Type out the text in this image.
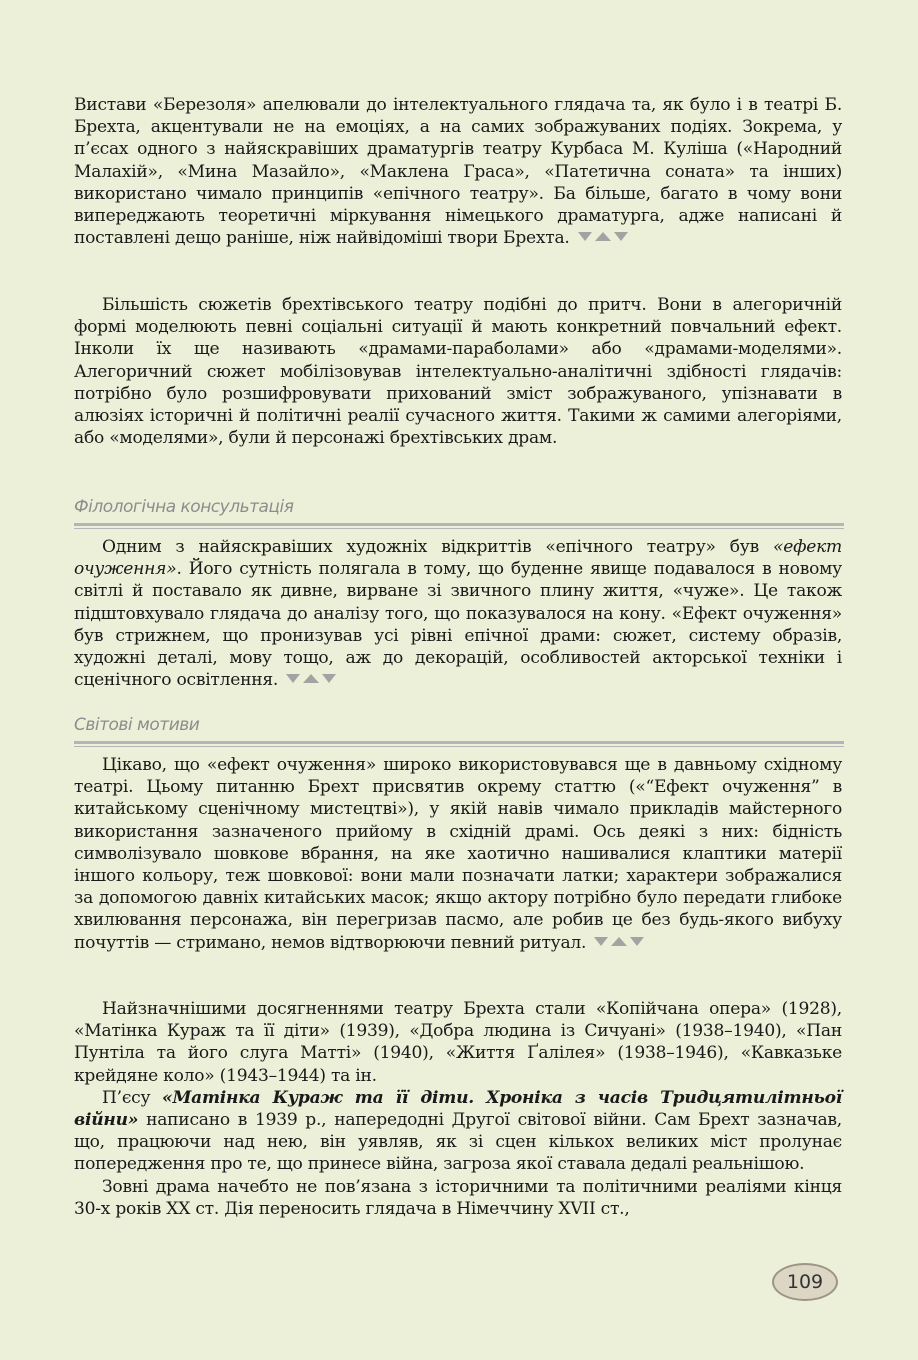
Вистави «Березоля» апелювали до інтелектуального глядача та, як було і в театрі Б. Брехта, акцентували не на емоціях, а на самих зображуваних подіях. Зокрема, у п’єсах одного з найяскравіших драматургів театру Курбаса М. Куліша («Народний Малахій», «Мина Мазайло», «Маклена Граса», «Патетична соната» та інших) використано чимало принципів «епічного театру». Ба більше, багато в чому вони випереджають теоретичні міркування німецького драматурга, адже написані й поставлені дещо раніше, ніж найвідоміші твори Брехта.

Більшість сюжетів брехтівського театру подібні до притч. Вони в алегоричній формі моделюють певні соціальні ситуації й мають конкретний повчальний ефект. Інколи їх ще називають «драмами-параболами» або «драмами-моделями». Алегоричний сюжет мобілізовував інтелектуально-аналітичні здібності глядачів: потрібно було розшифровувати прихований зміст зображуваного, упізнавати в алюзіях історичні й політичні реалії сучасного життя. Такими ж самими алегоріями, або «моделями», були й персонажі брехтівських драм.

Філологічна консультація

Одним з найяскравіших художніх відкриттів «епічного театру» був «ефект очуження». Його сутність полягала в тому, що буденне явище подавалося в новому світлі й поставало як дивне, вирване зі звичного плину життя, «чуже». Це також підштовхувало глядача до аналізу того, що показувалося на кону. «Ефект очуження» був стрижнем, що пронизував усі рівні епічної драми: сюжет, систему образів, художні деталі, мову тощо, аж до декорацій, особливостей акторської техніки і сценічного освітлення.

Світові мотиви

Цікаво, що «ефект очуження» широко використовувався ще в давньому східному театрі. Цьому питанню Брехт присвятив окрему статтю («“Ефект очуження” в китайському сценічному мистецтві»), у якій навів чимало прикладів майстерного використання зазначеного прийому в східній драмі. Ось деякі з них: бідність символізувало шовкове вбрання, на яке хаотично нашивалися клаптики матерії іншого кольору, теж шовкової: вони мали позначати латки; характери зображалися за допомогою давніх китайських масок; якщо актору потрібно було передати глибоке хвилювання персонажа, він перегризав пасмо, але робив це без будь-якого вибуху почуттів — стримано, немов відтворюючи певний ритуал.

Найзначнішими досягненнями театру Брехта стали «Копійчана опера» (1928), «Матінка Кураж та її діти» (1939), «Добра людина із Сичуані» (1938–1940), «Пан Пунтіла та його слуга Матті» (1940), «Життя Ґалілея» (1938–1946), «Кавказьке крейдяне коло» (1943–1944) та ін.

П’єсу «Матінка Кураж та її діти. Хроніка з часів Тридцятилітньої війни» написано в 1939 р., напередодні Другої світової війни. Сам Брехт зазначав, що, працюючи над нею, він уявляв, як зі сцен кількох великих міст пролунає попередження про те, що принесе війна, загроза якої ставала дедалі реальнішою.

Зовні драма начебто не пов’язана з історичними та політичними реаліями кінця 30-х років XX ст. Дія переносить глядача в Німеччину XVII ст.,

109
